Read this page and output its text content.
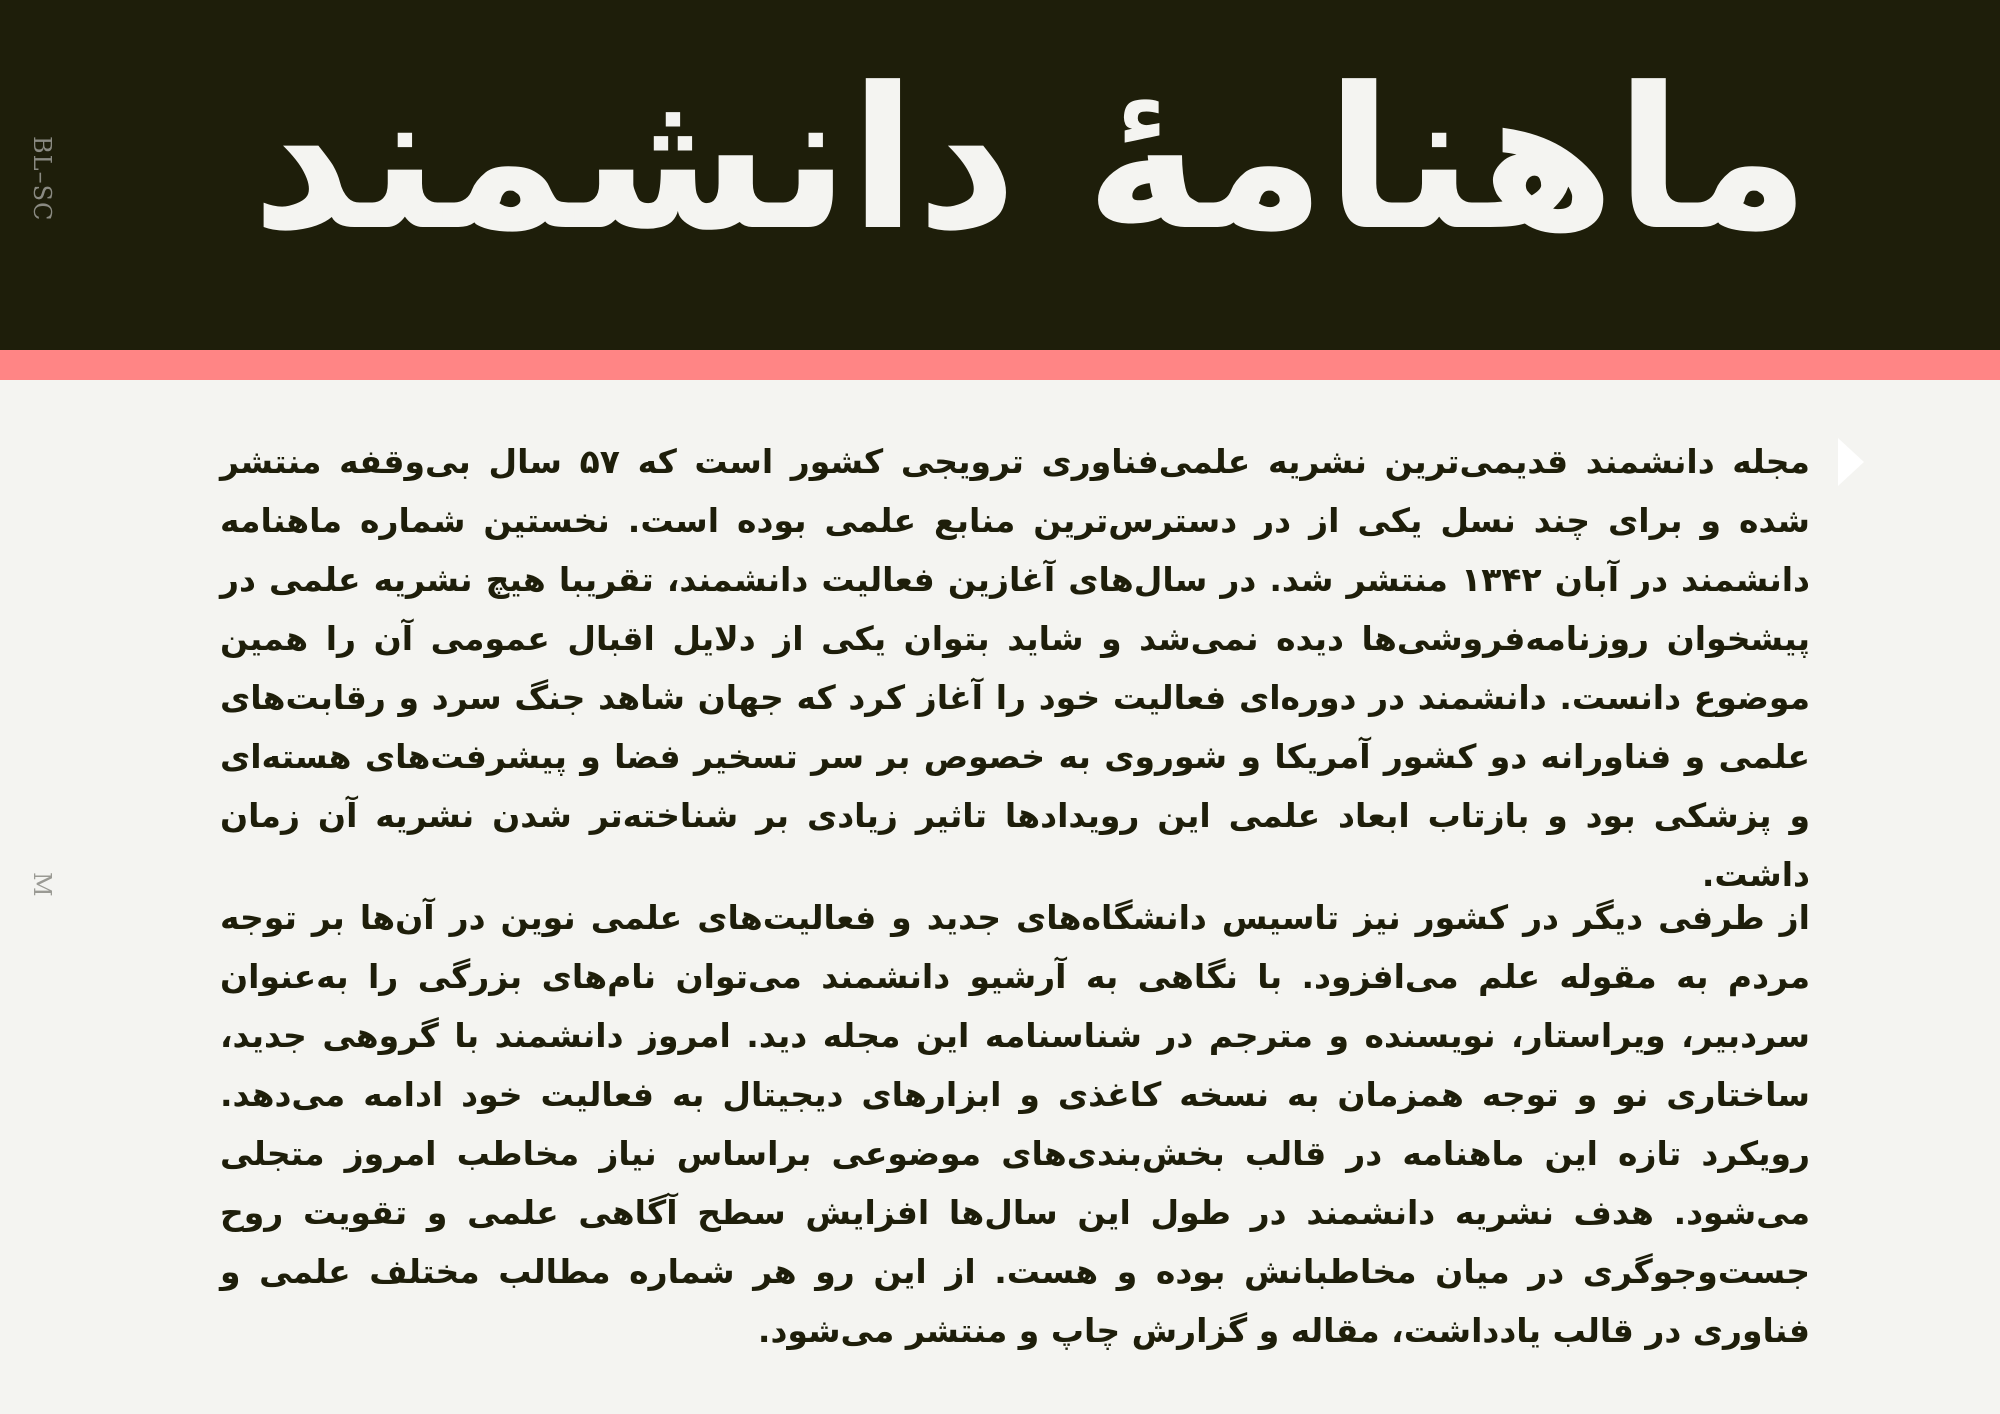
ماهنامهٔ دانشمند
BL–SC
M

مجله دانشمند قدیمی‌ترین نشریه علمی‌فناوری ترویجی کشور است که ۵۷ سال بی‌وقفه منتشر شده و برای چند نسل یکی از در دسترس‌ترین منابع علمی بوده است. نخستین شماره ماهنامه دانشمند در آبان ۱۳۴۲ منتشر شد. در سال‌های آغازین فعالیت دانشمند، تقریبا هیچ نشریه علمی در پیشخوان روزنامه‌فروشی‌ها دیده نمی‌شد و شاید بتوان یکی از دلایل اقبال عمومی آن را همین موضوع دانست. دانشمند در دوره‌ای فعالیت خود را آغاز کرد که جهان شاهد جنگ سرد و رقابت‌های علمی و فناورانه دو کشور آمریکا و شوروی به خصوص بر سر تسخیر فضا و پیشرفت‌های هسته‌ای و پزشکی بود و بازتاب ابعاد علمی این رویدادها تاثیر زیادی بر شناخته‌تر شدن نشریه آن زمان داشت.

از طرفی دیگر در کشور نیز تاسیس دانشگاه‌های جدید و فعالیت‌های علمی نوین در آن‌ها بر توجه مردم به مقوله علم می‌افزود. با نگاهی به آرشیو دانشمند می‌توان نام‌های بزرگی را به‌عنوان سردبیر، ویراستار، نویسنده و مترجم در شناسنامه این مجله دید. امروز دانشمند با گروهی جدید، ساختاری نو و توجه همزمان به نسخه کاغذی و ابزارهای دیجیتال به فعالیت خود ادامه می‌دهد. رویکرد تازه این ماهنامه در قالب بخش‌بندی‌های موضوعی براساس نیاز مخاطب امروز متجلی می‌شود. هدف نشریه دانشمند در طول این سال‌ها افزایش سطح آگاهی علمی و تقویت روح جست‌وجوگری در میان مخاطبانش بوده و هست. از این رو هر شماره مطالب مختلف علمی و فناوری در قالب یادداشت، مقاله و گزارش چاپ و منتشر می‌شود.
